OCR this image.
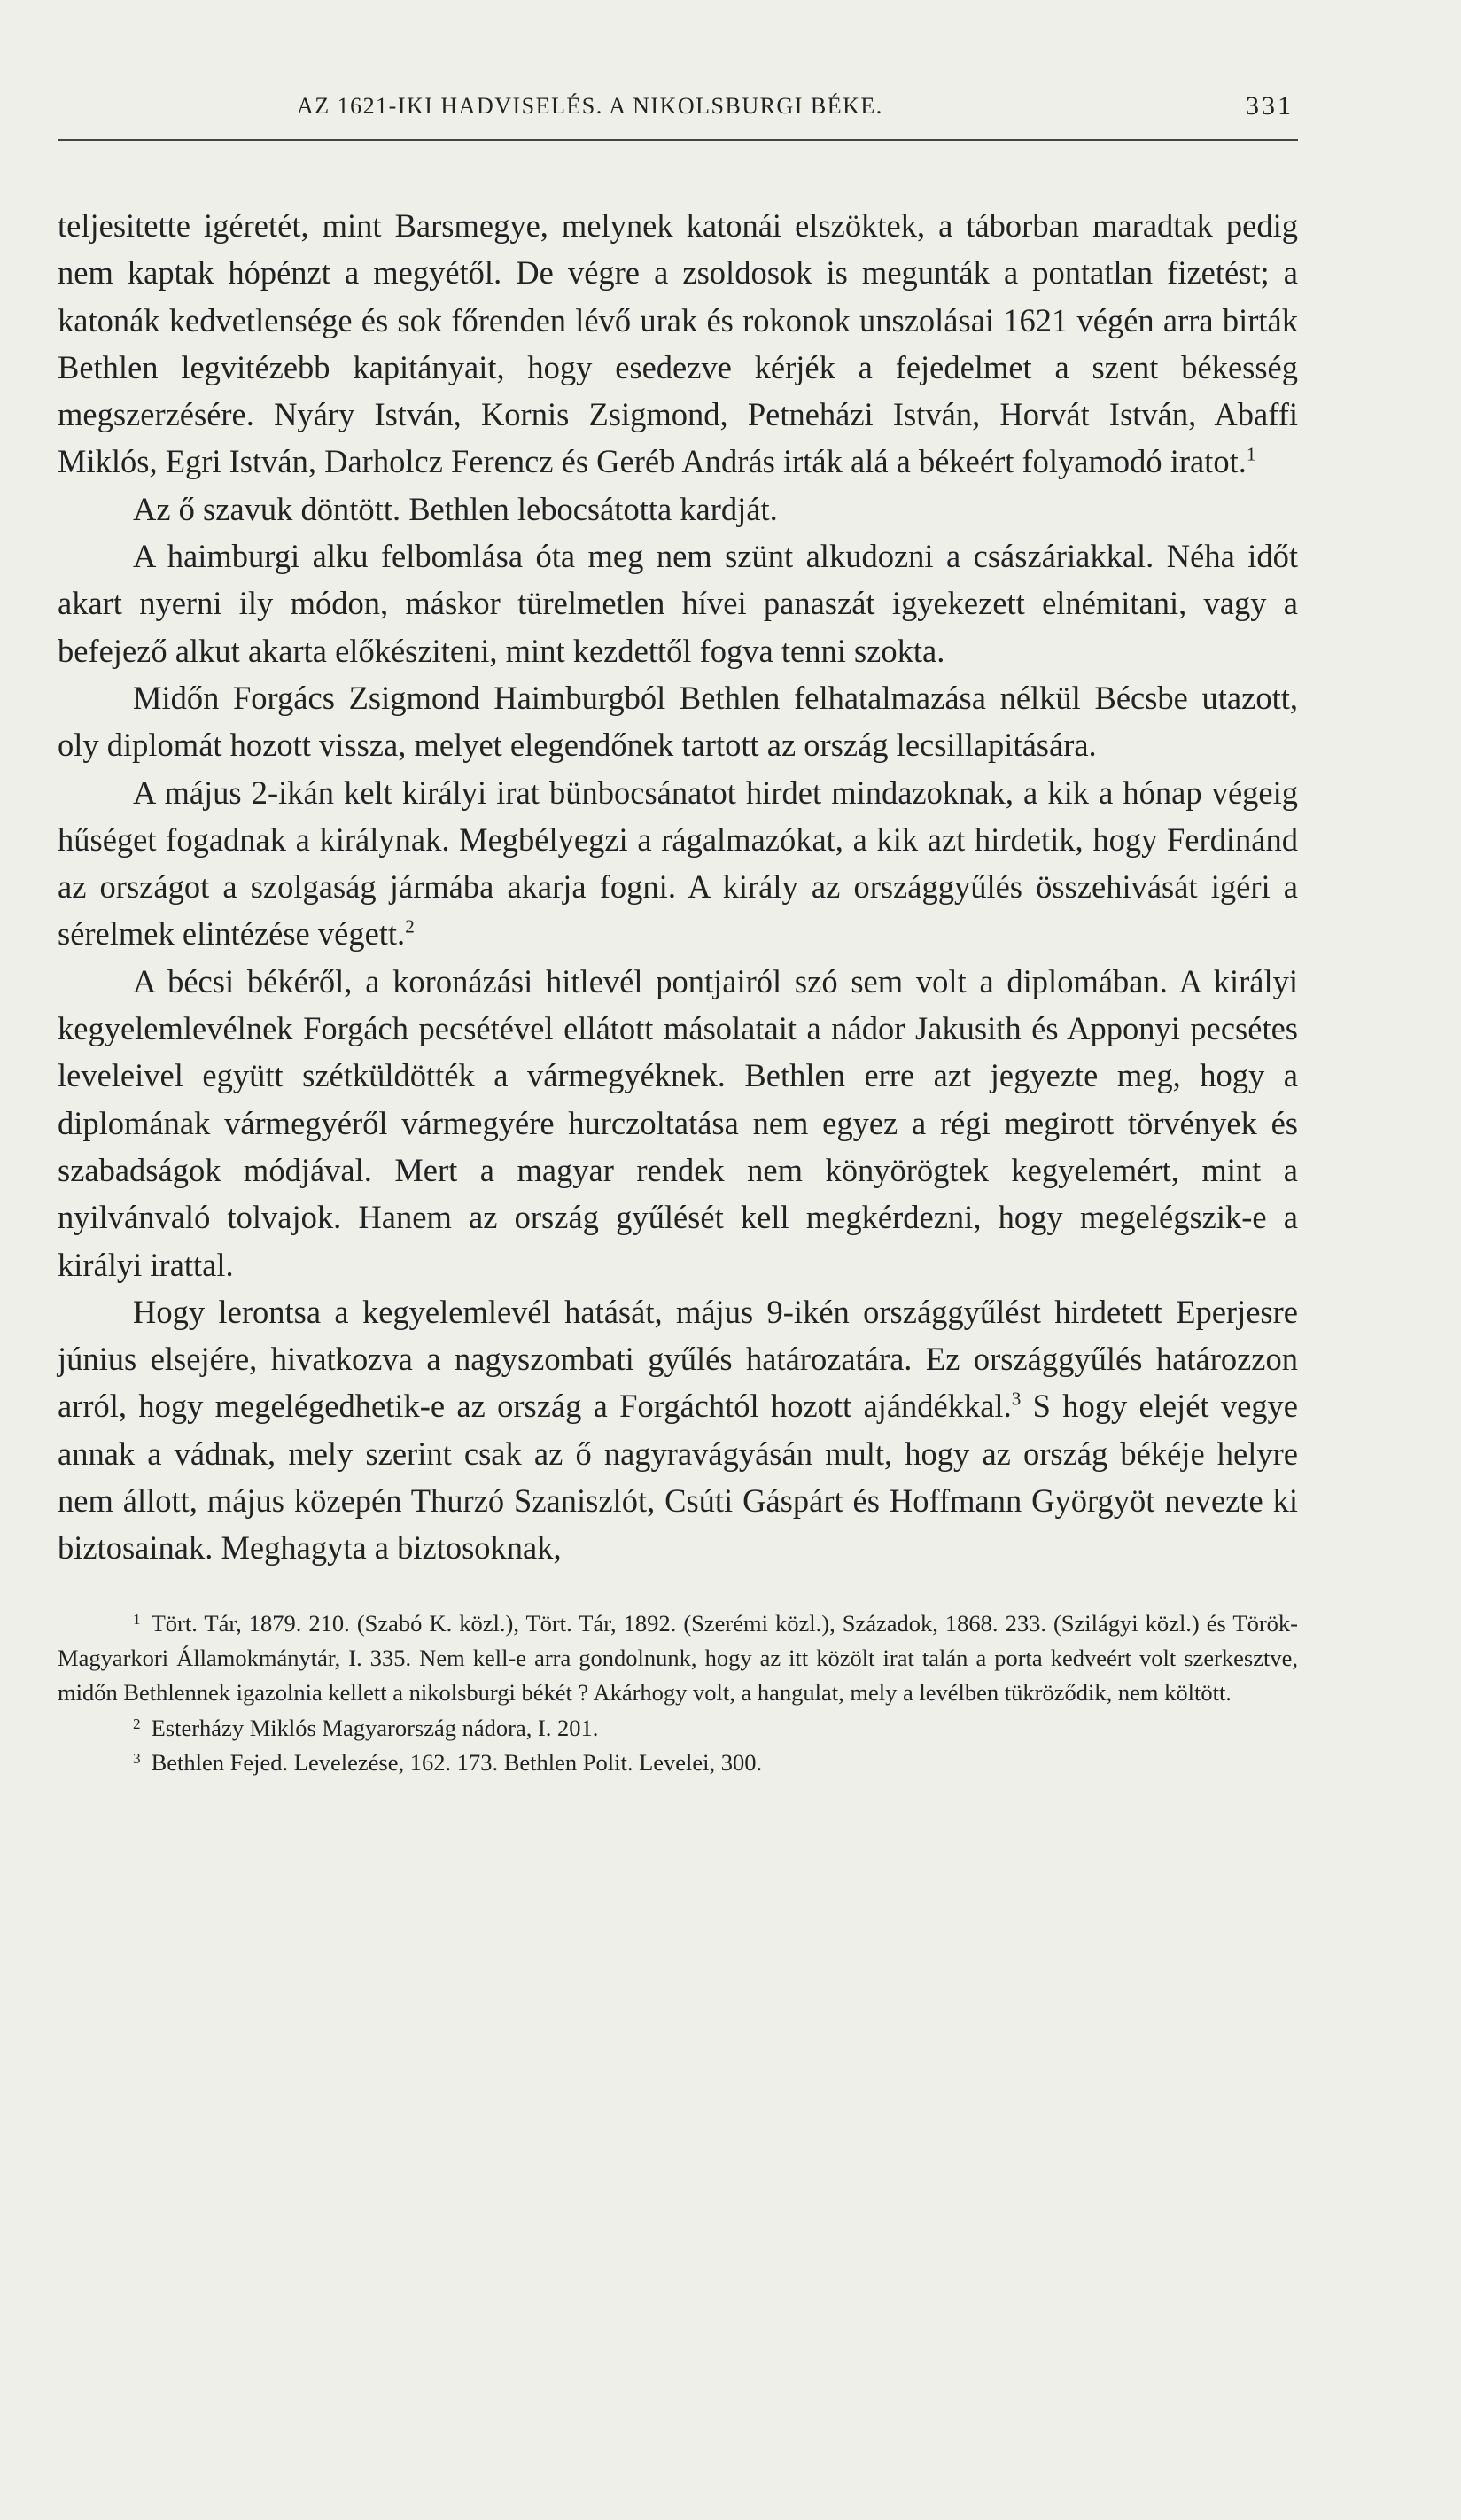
AZ 1621-IKI HADVISELÉS. A NIKOLSBURGI BÉKE.	331

teljesitette igéretét, mint Barsmegye, melynek katonái elszöktek, a táborban maradtak pedig nem kaptak hópénzt a megyétől. De végre a zsoldosok is megunták a pontatlan fizetést; a katonák kedvetlensége és sok főrenden lévő urak és rokonok unszolásai 1621 végén arra birták Bethlen legvitézebb kapitányait, hogy esedezve kérjék a fejedelmet a szent békesség megszerzésére. Nyáry István, Kornis Zsigmond, Petneházi István, Horvát István, Abaffi Miklós, Egri István, Darholcz Ferencz és Geréb András irták alá a békeért folyamodó iratot.$^1$

Az ő szavuk döntött. Bethlen lebocsátotta kardját.

A haimburgi alku felbomlása óta meg nem szünt alkudozni a császáriakkal. Néha időt akart nyerni ily módon, máskor türelmetlen hívei panaszát igyekezett elnémitani, vagy a befejező alkut akarta előkésziteni, mint kezdettől fogva tenni szokta.

Midőn Forgács Zsigmond Haimburgból Bethlen felhatalmazása nélkül Bécsbe utazott, oly diplomát hozott vissza, melyet elegendőnek tartott az ország lecsillapitására.

A május 2-ikán kelt királyi irat bünbocsánatot hirdet mindazoknak, a kik a hónap végeig hűséget fogadnak a királynak. Megbélyegzi a rágalmazókat, a kik azt hirdetik, hogy Ferdinánd az országot a szolgaság jármába akarja fogni. A király az országgyűlés összehivását igéri a sérelmek elintézése végett.$^2$

A bécsi békéről, a koronázási hitlevél pontjairól szó sem volt a diplomában. A királyi kegyelemlevélnek Forgách pecsétével ellátott másolatait a nádor Jakusith és Apponyi pecsétes leveleivel együtt szétküldötték a vármegyéknek. Bethlen erre azt jegyezte meg, hogy a diplomának vármegyéről vármegyére hurczoltatása nem egyez a régi megirott törvények és szabadságok módjával. Mert a magyar rendek nem könyörögtek kegyelemért, mint a nyilvánvaló tolvajok. Hanem az ország gyűlését kell megkérdezni, hogy megelégszik-e a királyi irattal.

Hogy lerontsa a kegyelemlevél hatását, május 9-ikén országgyűlést hirdetett Eperjesre június elsejére, hivatkozva a nagyszombati gyűlés határozatára. Ez országgyűlés határozzon arról, hogy megelégedhetik-e az ország a Forgáchtól hozott ajándékkal.$^3$ S hogy elejét vegye annak a vádnak, mely szerint csak az ő nagyravágyásán mult, hogy az ország békéje helyre nem állott, május közepén Thurzó Szaniszlót, Csúti Gáspárt és Hoffmann Györgyöt nevezte ki biztosainak. Meghagyta a biztosoknak,

$^1$ Tört. Tár, 1879. 210. (Szabó K. közl.), Tört. Tár, 1892. (Szerémi közl.), Századok, 1868. 233. (Szilágyi közl.) és Török-Magyarkori Államokmánytár, I. 335. Nem kell-e arra gondolnunk, hogy az itt közölt irat talán a porta kedveért volt szerkesztve, midőn Bethlennek igazolnia kellett a nikolsburgi békét ? Akárhogy volt, a hangulat, mely a levélben tükröződik, nem költött.

$^2$ Esterházy Miklós Magyarország nádora, I. 201.

$^3$ Bethlen Fejed. Levelezése, 162. 173. Bethlen Polit. Levelei, 300.
